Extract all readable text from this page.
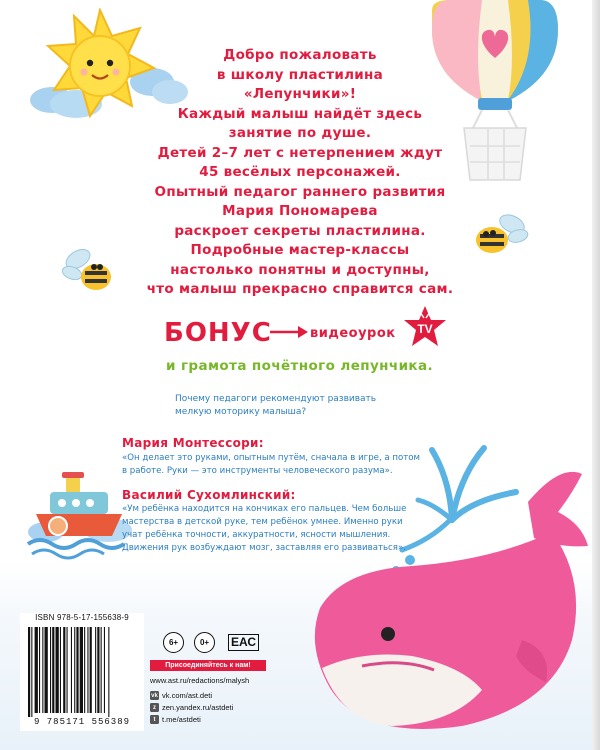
Добро пожаловать
в школу пластилина
«Лепунчики»!
Каждый малыш найдёт здесь
занятие по душе.
Детей 2–7 лет с нетерпением ждут
45 весёлых персонажей.
Опытный педагог раннего развития
Мария Пономарева
раскроет секреты пластилина.
Подробные мастер-классы
настолько понятны и доступны,
что малыш прекрасно справится сам.
БОНУС	видеоурок TV
и грамота почётного лепунчика.
Почему педагоги рекомендуют развивать мелкую моторику малыша?
Мария Монтессори:
«Он делает это руками, опытным путём, сначала в игре, а потом
в работе. Руки — это инструменты человеческого разума».
Василий Сухомлинский:
«Ум ребёнка находится на кончиках его пальцев. Чем больше
мастерства в детской руке, тем ребёнок умнее. Именно руки
учат ребёнка точности, аккуратности, ясности мышления.
Движения рук возбуждают мозг, заставляя его развиваться».
ISBN 978-5-17-155638-9
9 785171 556389
6+	0+	ЕАС
Присоединяйтесь к нам!
www.ast.ru/redactions/malysh
vk vk.com/ast.deti
z zen.yandex.ru/astdeti
t t.me/astdeti
